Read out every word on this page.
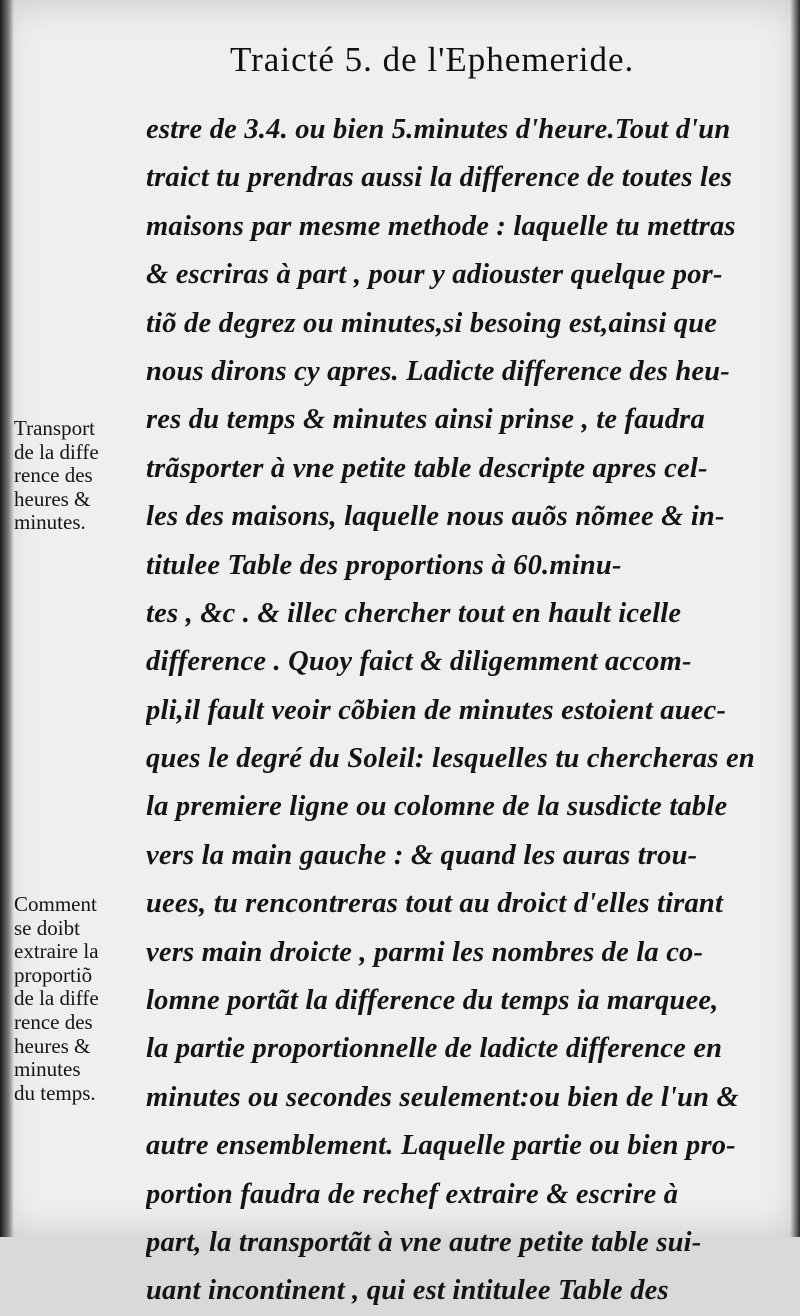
Traicté 5. de l'Ephemeride.
estre de 3.4. ou bien 5.minutes d'heure.Tout d'un
traict tu prendras aussi la difference de toutes les
maisons par mesme methode : laquelle tu mettras
& escriras à part , pour y adiouster quelque por-
tiõ de degrez ou minutes,si besoing est,ainsi que
nous dirons cy apres. Ladicte difference des heu-
res du temps & minutes ainsi prinse , te faudra
trãsporter à vne petite table descripte apres cel-
les des maisons, laquelle nous auõs nõmee & in-
titulee Table des proportions à 60.minu-
tes , &c . & illec chercher tout en hault icelle
difference . Quoy faict & diligemment accom-
pli,il fault veoir cõbien de minutes estoient auec-
ques le degré du Soleil: lesquelles tu chercheras en
la premiere ligne ou colomne de la susdicte table
vers la main gauche : & quand les auras trou-
uees, tu rencontreras tout au droict d'elles tirant
vers main droicte , parmi les nombres de la co-
lomne portãt la difference du temps ia marquee,
la partie proportionnelle de ladicte difference en
minutes ou secondes seulement:ou bien de l'un &
autre ensemblement. Laquelle partie ou bien pro-
portion faudra de rechef extraire & escrire à
part, la transportãt à vne autre petite table sui-
uant incontinent , qui est intitulee Table des
Transport
de la diffe
rence des
heures &
minutes.
Comment
se doibt
extraire la
proportiõ
de la diffe
rence des
heures &
minutes
du temps.
